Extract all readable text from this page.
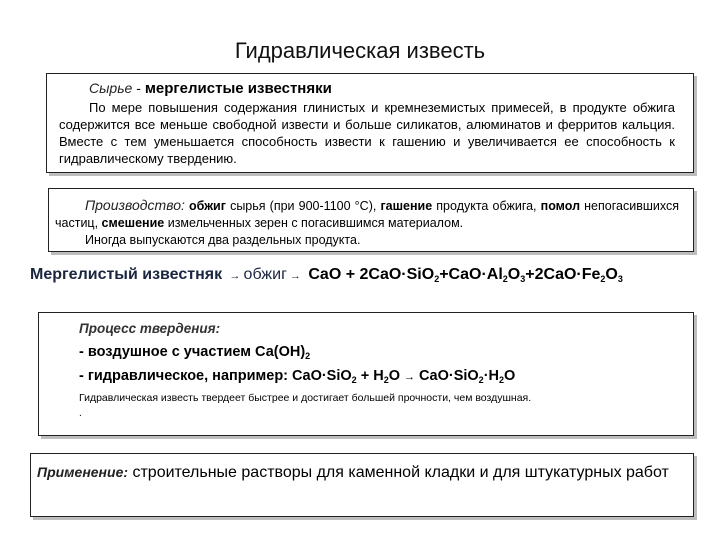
Гидравлическая известь

Сырье - мергелистые известняки

По мере повышения содержания глинистых и кремнеземистых примесей, в продукте обжига содержится все меньше свободной извести и больше силикатов, алюминатов и ферритов кальция. Вместе с тем уменьшается способность извести к гашению и увеличивается ее способность к гидравлическому твердению.

Производство: обжиг сырья (при 900-1100 °С), гашение продукта обжига, помол непогасившихся частиц, смешение измельченных зерен с погасившимся материалом.

Иногда выпускаются два раздельных продукта.

Мергелистый известняк → обжиг → CaO + $2CaO\cdot SiO_2+CaO\cdot Al_2O_3+2CaO\cdot Fe_2O_3$

Процесс твердения:

- воздушное с участием $Са(ОН)_2$

- гидравлическое, например: $CaO\cdot SiO_2 + H_2O \to CaO\cdot SiO_2\cdot H_2O$

Гидравлическая известь твердеет быстрее и достигает большей прочности, чем воздушная.

.

Применение: строительные растворы для каменной кладки и для штукатурных работ
